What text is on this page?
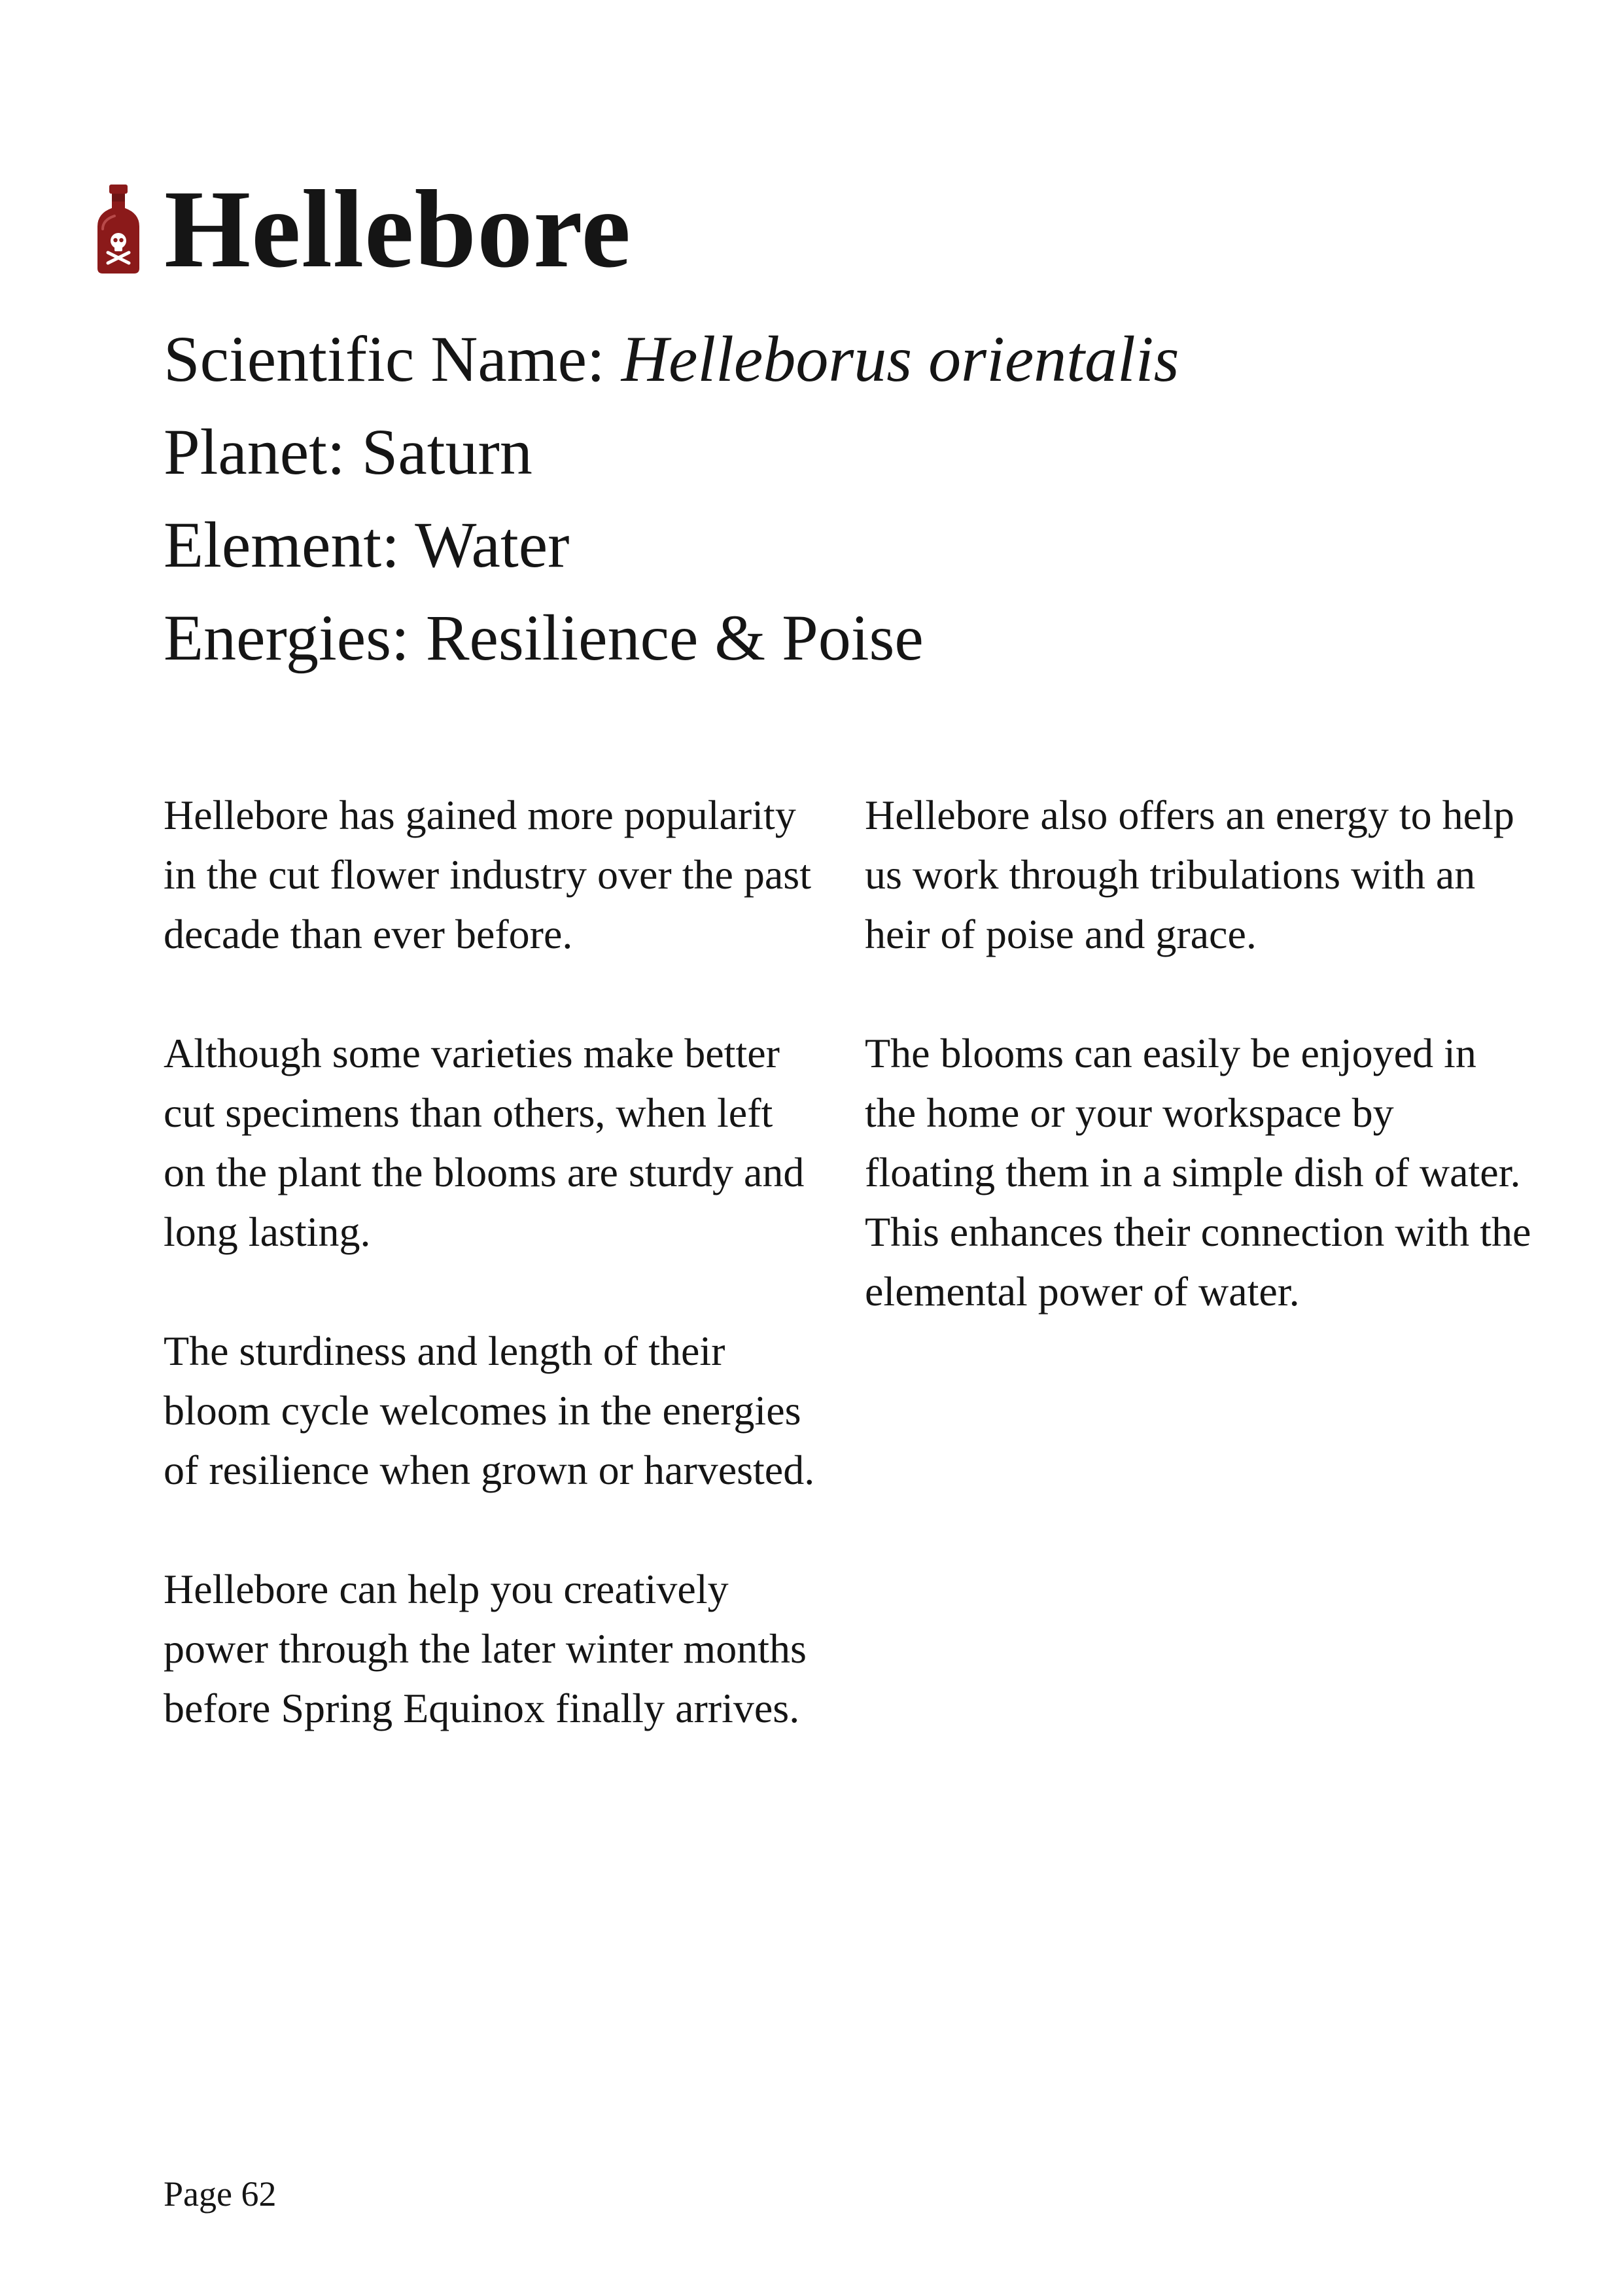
Hellebore
Scientific Name: Helleborus orientalis
Planet: Saturn
Element: Water
Energies: Resilience & Poise

Hellebore has gained more popularity in the cut flower industry over the past decade than ever before.

Although some varieties make better cut specimens than others, when left on the plant the blooms are sturdy and long lasting.

The sturdiness and length of their bloom cycle welcomes in the energies of resilience when grown or harvested.

Hellebore can help you creatively power through the later winter months before Spring Equinox finally arrives.

Hellebore also offers an energy to help us work through tribulations with an heir of poise and grace.

The blooms can easily be enjoyed in the home or your workspace by floating them in a simple dish of water. This enhances their connection with the elemental power of water.

Page 62
